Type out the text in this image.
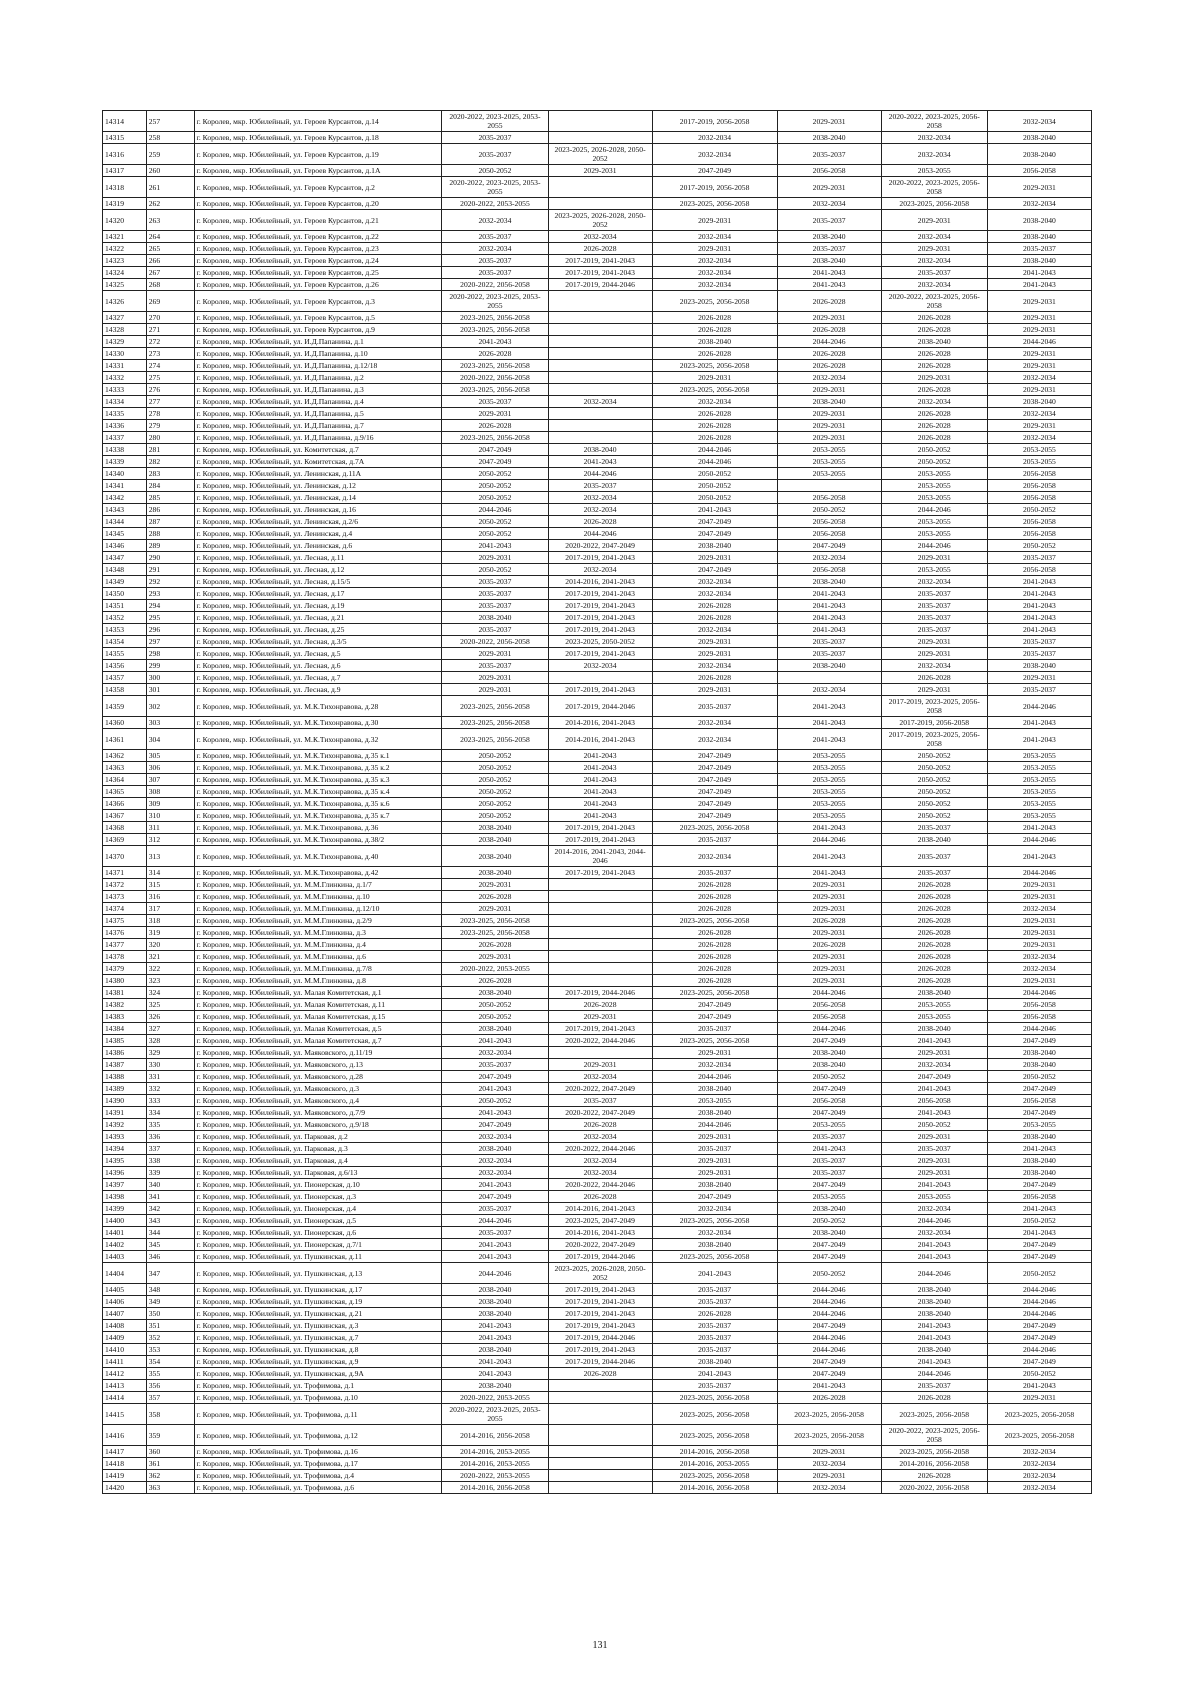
14314	257	г. Королев, мкр. Юбилейный, ул. Героев Курсантов, д.14	2020-2022, 2023-2025, 2053-2055		2017-2019, 2056-2058	2029-2031	2020-2022, 2023-2025, 2056-2058	2032-2034
14315	258	г. Королев, мкр. Юбилейный, ул. Героев Курсантов, д.18	2035-2037		2032-2034	2038-2040	2032-2034	2038-2040
14316	259	г. Королев, мкр. Юбилейный, ул. Героев Курсантов, д.19	2035-2037	2023-2025, 2026-2028, 2050-2052	2032-2034	2035-2037	2032-2034	2038-2040
14317	260	г. Королев, мкр. Юбилейный, ул. Героев Курсантов, д.1А	2050-2052	2029-2031	2047-2049	2056-2058	2053-2055	2056-2058
14318	261	г. Королев, мкр. Юбилейный, ул. Героев Курсантов, д.2	2020-2022, 2023-2025, 2053-2055		2017-2019, 2056-2058	2029-2031	2020-2022, 2023-2025, 2056-2058	2029-2031
14319	262	г. Королев, мкр. Юбилейный, ул. Героев Курсантов, д.20	2020-2022, 2053-2055		2023-2025, 2056-2058	2032-2034	2023-2025, 2056-2058	2032-2034
14320	263	г. Королев, мкр. Юбилейный, ул. Героев Курсантов, д.21	2032-2034	2023-2025, 2026-2028, 2050-2052	2029-2031	2035-2037	2029-2031	2038-2040
14321	264	г. Королев, мкр. Юбилейный, ул. Героев Курсантов, д.22	2035-2037	2032-2034	2032-2034	2038-2040	2032-2034	2038-2040
14322	265	г. Королев, мкр. Юбилейный, ул. Героев Курсантов, д.23	2032-2034	2026-2028	2029-2031	2035-2037	2029-2031	2035-2037
14323	266	г. Королев, мкр. Юбилейный, ул. Героев Курсантов, д.24	2035-2037	2017-2019, 2041-2043	2032-2034	2038-2040	2032-2034	2038-2040
14324	267	г. Королев, мкр. Юбилейный, ул. Героев Курсантов, д.25	2035-2037	2017-2019, 2041-2043	2032-2034	2041-2043	2035-2037	2041-2043
14325	268	г. Королев, мкр. Юбилейный, ул. Героев Курсантов, д.26	2020-2022, 2056-2058	2017-2019, 2044-2046	2032-2034	2041-2043	2032-2034	2041-2043
14326	269	г. Королев, мкр. Юбилейный, ул. Героев Курсантов, д.3	2020-2022, 2023-2025, 2053-2055		2023-2025, 2056-2058	2026-2028	2020-2022, 2023-2025, 2056-2058	2029-2031
14327	270	г. Королев, мкр. Юбилейный, ул. Героев Курсантов, д.5	2023-2025, 2056-2058		2026-2028	2029-2031	2026-2028	2029-2031
14328	271	г. Королев, мкр. Юбилейный, ул. Героев Курсантов, д.9	2023-2025, 2056-2058		2026-2028	2026-2028	2026-2028	2029-2031
14329	272	г. Королев, мкр. Юбилейный, ул. И.Д.Папанина, д.1	2041-2043		2038-2040	2044-2046	2038-2040	2044-2046
14330	273	г. Королев, мкр. Юбилейный, ул. И.Д.Папанина, д.10	2026-2028		2026-2028	2026-2028	2026-2028	2029-2031
14331	274	г. Королев, мкр. Юбилейный, ул. И.Д.Папанина, д.12/18	2023-2025, 2056-2058		2023-2025, 2056-2058	2026-2028	2026-2028	2029-2031
14332	275	г. Королев, мкр. Юбилейный, ул. И.Д.Папанина, д.2	2020-2022, 2056-2058		2029-2031	2032-2034	2029-2031	2032-2034
14333	276	г. Королев, мкр. Юбилейный, ул. И.Д.Папанина, д.3	2023-2025, 2056-2058		2023-2025, 2056-2058	2029-2031	2026-2028	2029-2031
14334	277	г. Королев, мкр. Юбилейный, ул. И.Д.Папанина, д.4	2035-2037	2032-2034	2032-2034	2038-2040	2032-2034	2038-2040
14335	278	г. Королев, мкр. Юбилейный, ул. И.Д.Папанина, д.5	2029-2031		2026-2028	2029-2031	2026-2028	2032-2034
14336	279	г. Королев, мкр. Юбилейный, ул. И.Д.Папанина, д.7	2026-2028		2026-2028	2029-2031	2026-2028	2029-2031
14337	280	г. Королев, мкр. Юбилейный, ул. И.Д.Папанина, д.9/16	2023-2025, 2056-2058		2026-2028	2029-2031	2026-2028	2032-2034
14338	281	г. Королев, мкр. Юбилейный, ул. Комитетская, д.7	2047-2049	2038-2040	2044-2046	2053-2055	2050-2052	2053-2055
14339	282	г. Королев, мкр. Юбилейный, ул. Комитетская, д.7А	2047-2049	2041-2043	2044-2046	2053-2055	2050-2052	2053-2055
14340	283	г. Королев, мкр. Юбилейный, ул. Ленинская, д.11А	2050-2052	2044-2046	2050-2052	2053-2055	2053-2055	2056-2058
14341	284	г. Королев, мкр. Юбилейный, ул. Ленинская, д.12	2050-2052	2035-2037	2050-2052		2053-2055	2056-2058
14342	285	г. Королев, мкр. Юбилейный, ул. Ленинская, д.14	2050-2052	2032-2034	2050-2052	2056-2058	2053-2055	2056-2058
14343	286	г. Королев, мкр. Юбилейный, ул. Ленинская, д.16	2044-2046	2032-2034	2041-2043	2050-2052	2044-2046	2050-2052
14344	287	г. Королев, мкр. Юбилейный, ул. Ленинская, д.2/6	2050-2052	2026-2028	2047-2049	2056-2058	2053-2055	2056-2058
14345	288	г. Королев, мкр. Юбилейный, ул. Ленинская, д.4	2050-2052	2044-2046	2047-2049	2056-2058	2053-2055	2056-2058
14346	289	г. Королев, мкр. Юбилейный, ул. Ленинская, д.6	2041-2043	2020-2022, 2047-2049	2038-2040	2047-2049	2044-2046	2050-2052
14347	290	г. Королев, мкр. Юбилейный, ул. Лесная, д.11	2029-2031	2017-2019, 2041-2043	2029-2031	2032-2034	2029-2031	2035-2037
14348	291	г. Королев, мкр. Юбилейный, ул. Лесная, д.12	2050-2052	2032-2034	2047-2049	2056-2058	2053-2055	2056-2058
14349	292	г. Королев, мкр. Юбилейный, ул. Лесная, д.15/5	2035-2037	2014-2016, 2041-2043	2032-2034	2038-2040	2032-2034	2041-2043
14350	293	г. Королев, мкр. Юбилейный, ул. Лесная, д.17	2035-2037	2017-2019, 2041-2043	2032-2034	2041-2043	2035-2037	2041-2043
14351	294	г. Королев, мкр. Юбилейный, ул. Лесная, д.19	2035-2037	2017-2019, 2041-2043	2026-2028	2041-2043	2035-2037	2041-2043
14352	295	г. Королев, мкр. Юбилейный, ул. Лесная, д.21	2038-2040	2017-2019, 2041-2043	2026-2028	2041-2043	2035-2037	2041-2043
14353	296	г. Королев, мкр. Юбилейный, ул. Лесная, д.25	2035-2037	2017-2019, 2041-2043	2032-2034	2041-2043	2035-2037	2041-2043
14354	297	г. Королев, мкр. Юбилейный, ул. Лесная, д.3/5	2020-2022, 2056-2058	2023-2025, 2050-2052	2029-2031	2035-2037	2029-2031	2035-2037
14355	298	г. Королев, мкр. Юбилейный, ул. Лесная, д.5	2029-2031	2017-2019, 2041-2043	2029-2031	2035-2037	2029-2031	2035-2037
14356	299	г. Королев, мкр. Юбилейный, ул. Лесная, д.6	2035-2037	2032-2034	2032-2034	2038-2040	2032-2034	2038-2040
14357	300	г. Королев, мкр. Юбилейный, ул. Лесная, д.7	2029-2031		2026-2028		2026-2028	2029-2031
14358	301	г. Королев, мкр. Юбилейный, ул. Лесная, д.9	2029-2031	2017-2019, 2041-2043	2029-2031	2032-2034	2029-2031	2035-2037
14359	302	г. Королев, мкр. Юбилейный, ул. М.К.Тихонравова, д.28	2023-2025, 2056-2058	2017-2019, 2044-2046	2035-2037	2041-2043	2017-2019, 2023-2025, 2056-2058	2044-2046
14360	303	г. Королев, мкр. Юбилейный, ул. М.К.Тихонравова, д.30	2023-2025, 2056-2058	2014-2016, 2041-2043	2032-2034	2041-2043	2017-2019, 2056-2058	2041-2043
14361	304	г. Королев, мкр. Юбилейный, ул. М.К.Тихонравова, д.32	2023-2025, 2056-2058	2014-2016, 2041-2043	2032-2034	2041-2043	2017-2019, 2023-2025, 2056-2058	2041-2043
14362	305	г. Королев, мкр. Юбилейный, ул. М.К.Тихонравова, д.35 к.1	2050-2052	2041-2043	2047-2049	2053-2055	2050-2052	2053-2055
14363	306	г. Королев, мкр. Юбилейный, ул. М.К.Тихонравова, д.35 к.2	2050-2052	2041-2043	2047-2049	2053-2055	2050-2052	2053-2055
14364	307	г. Королев, мкр. Юбилейный, ул. М.К.Тихонравова, д.35 к.3	2050-2052	2041-2043	2047-2049	2053-2055	2050-2052	2053-2055
14365	308	г. Королев, мкр. Юбилейный, ул. М.К.Тихонравова, д.35 к.4	2050-2052	2041-2043	2047-2049	2053-2055	2050-2052	2053-2055
14366	309	г. Королев, мкр. Юбилейный, ул. М.К.Тихонравова, д.35 к.6	2050-2052	2041-2043	2047-2049	2053-2055	2050-2052	2053-2055
14367	310	г. Королев, мкр. Юбилейный, ул. М.К.Тихонравова, д.35 к.7	2050-2052	2041-2043	2047-2049	2053-2055	2050-2052	2053-2055
14368	311	г. Королев, мкр. Юбилейный, ул. М.К.Тихонравова, д.36	2038-2040	2017-2019, 2041-2043	2023-2025, 2056-2058	2041-2043	2035-2037	2041-2043
14369	312	г. Королев, мкр. Юбилейный, ул. М.К.Тихонравова, д.38/2	2038-2040	2017-2019, 2041-2043	2035-2037	2044-2046	2038-2040	2044-2046
14370	313	г. Королев, мкр. Юбилейный, ул. М.К.Тихонравова, д.40	2038-2040	2014-2016, 2041-2043, 2044-2046	2032-2034	2041-2043	2035-2037	2041-2043
14371	314	г. Королев, мкр. Юбилейный, ул. М.К.Тихонравова, д.42	2038-2040	2017-2019, 2041-2043	2035-2037	2041-2043	2035-2037	2044-2046
14372	315	г. Королев, мкр. Юбилейный, ул. М.М.Глинкина, д.1/7	2029-2031		2026-2028	2029-2031	2026-2028	2029-2031
14373	316	г. Королев, мкр. Юбилейный, ул. М.М.Глинкина, д.10	2026-2028		2026-2028	2029-2031	2026-2028	2029-2031
14374	317	г. Королев, мкр. Юбилейный, ул. М.М.Глинкина, д.12/10	2029-2031		2026-2028	2029-2031	2026-2028	2032-2034
14375	318	г. Королев, мкр. Юбилейный, ул. М.М.Глинкина, д.2/9	2023-2025, 2056-2058		2023-2025, 2056-2058	2026-2028	2026-2028	2029-2031
14376	319	г. Королев, мкр. Юбилейный, ул. М.М.Глинкина, д.3	2023-2025, 2056-2058		2026-2028	2029-2031	2026-2028	2029-2031
14377	320	г. Королев, мкр. Юбилейный, ул. М.М.Глинкина, д.4	2026-2028		2026-2028	2026-2028	2026-2028	2029-2031
14378	321	г. Королев, мкр. Юбилейный, ул. М.М.Глинкина, д.6	2029-2031		2026-2028	2029-2031	2026-2028	2032-2034
14379	322	г. Королев, мкр. Юбилейный, ул. М.М.Глинкина, д.7/8	2020-2022, 2053-2055		2026-2028	2029-2031	2026-2028	2032-2034
14380	323	г. Королев, мкр. Юбилейный, ул. М.М.Глинкина, д.8	2026-2028		2026-2028	2029-2031	2026-2028	2029-2031
14381	324	г. Королев, мкр. Юбилейный, ул. Малая Комитетская, д.1	2038-2040	2017-2019, 2044-2046	2023-2025, 2056-2058	2044-2046	2038-2040	2044-2046
14382	325	г. Королев, мкр. Юбилейный, ул. Малая Комитетская, д.11	2050-2052	2026-2028	2047-2049	2056-2058	2053-2055	2056-2058
14383	326	г. Королев, мкр. Юбилейный, ул. Малая Комитетская, д.15	2050-2052	2029-2031	2047-2049	2056-2058	2053-2055	2056-2058
14384	327	г. Королев, мкр. Юбилейный, ул. Малая Комитетская, д.5	2038-2040	2017-2019, 2041-2043	2035-2037	2044-2046	2038-2040	2044-2046
14385	328	г. Королев, мкр. Юбилейный, ул. Малая Комитетская, д.7	2041-2043	2020-2022, 2044-2046	2023-2025, 2056-2058	2047-2049	2041-2043	2047-2049
14386	329	г. Королев, мкр. Юбилейный, ул. Маяковского, д.11/19	2032-2034		2029-2031	2038-2040	2029-2031	2038-2040
14387	330	г. Королев, мкр. Юбилейный, ул. Маяковского, д.13	2035-2037	2029-2031	2032-2034	2038-2040	2032-2034	2038-2040
14388	331	г. Королев, мкр. Юбилейный, ул. Маяковского, д.28	2047-2049	2032-2034	2044-2046	2050-2052	2047-2049	2050-2052
14389	332	г. Королев, мкр. Юбилейный, ул. Маяковского, д.3	2041-2043	2020-2022, 2047-2049	2038-2040	2047-2049	2041-2043	2047-2049
14390	333	г. Королев, мкр. Юбилейный, ул. Маяковского, д.4	2050-2052	2035-2037	2053-2055	2056-2058	2056-2058	2056-2058
14391	334	г. Королев, мкр. Юбилейный, ул. Маяковского, д.7/9	2041-2043	2020-2022, 2047-2049	2038-2040	2047-2049	2041-2043	2047-2049
14392	335	г. Королев, мкр. Юбилейный, ул. Маяковского, д.9/18	2047-2049	2026-2028	2044-2046	2053-2055	2050-2052	2053-2055
14393	336	г. Королев, мкр. Юбилейный, ул. Парковая, д.2	2032-2034	2032-2034	2029-2031	2035-2037	2029-2031	2038-2040
14394	337	г. Королев, мкр. Юбилейный, ул. Парковая, д.3	2038-2040	2020-2022, 2044-2046	2035-2037	2041-2043	2035-2037	2041-2043
14395	338	г. Королев, мкр. Юбилейный, ул. Парковая, д.4	2032-2034	2032-2034	2029-2031	2035-2037	2029-2031	2038-2040
14396	339	г. Королев, мкр. Юбилейный, ул. Парковая, д.6/13	2032-2034	2032-2034	2029-2031	2035-2037	2029-2031	2038-2040
14397	340	г. Королев, мкр. Юбилейный, ул. Пионерская, д.10	2041-2043	2020-2022, 2044-2046	2038-2040	2047-2049	2041-2043	2047-2049
14398	341	г. Королев, мкр. Юбилейный, ул. Пионерская, д.3	2047-2049	2026-2028	2047-2049	2053-2055	2053-2055	2056-2058
14399	342	г. Королев, мкр. Юбилейный, ул. Пионерская, д.4	2035-2037	2014-2016, 2041-2043	2032-2034	2038-2040	2032-2034	2041-2043
14400	343	г. Королев, мкр. Юбилейный, ул. Пионерская, д.5	2044-2046	2023-2025, 2047-2049	2023-2025, 2056-2058	2050-2052	2044-2046	2050-2052
14401	344	г. Королев, мкр. Юбилейный, ул. Пионерская, д.6	2035-2037	2014-2016, 2041-2043	2032-2034	2038-2040	2032-2034	2041-2043
14402	345	г. Королев, мкр. Юбилейный, ул. Пионерская, д.7/1	2041-2043	2020-2022, 2047-2049	2038-2040	2047-2049	2041-2043	2047-2049
14403	346	г. Королев, мкр. Юбилейный, ул. Пушкинская, д.11	2041-2043	2017-2019, 2044-2046	2023-2025, 2056-2058	2047-2049	2041-2043	2047-2049
14404	347	г. Королев, мкр. Юбилейный, ул. Пушкинская, д.13	2044-2046	2023-2025, 2026-2028, 2050-2052	2041-2043	2050-2052	2044-2046	2050-2052
14405	348	г. Королев, мкр. Юбилейный, ул. Пушкинская, д.17	2038-2040	2017-2019, 2041-2043	2035-2037	2044-2046	2038-2040	2044-2046
14406	349	г. Королев, мкр. Юбилейный, ул. Пушкинская, д.19	2038-2040	2017-2019, 2041-2043	2035-2037	2044-2046	2038-2040	2044-2046
14407	350	г. Королев, мкр. Юбилейный, ул. Пушкинская, д.21	2038-2040	2017-2019, 2041-2043	2026-2028	2044-2046	2038-2040	2044-2046
14408	351	г. Королев, мкр. Юбилейный, ул. Пушкинская, д.3	2041-2043	2017-2019, 2041-2043	2035-2037	2047-2049	2041-2043	2047-2049
14409	352	г. Королев, мкр. Юбилейный, ул. Пушкинская, д.7	2041-2043	2017-2019, 2044-2046	2035-2037	2044-2046	2041-2043	2047-2049
14410	353	г. Королев, мкр. Юбилейный, ул. Пушкинская, д.8	2038-2040	2017-2019, 2041-2043	2035-2037	2044-2046	2038-2040	2044-2046
14411	354	г. Королев, мкр. Юбилейный, ул. Пушкинская, д.9	2041-2043	2017-2019, 2044-2046	2038-2040	2047-2049	2041-2043	2047-2049
14412	355	г. Королев, мкр. Юбилейный, ул. Пушкинская, д.9А	2041-2043	2026-2028	2041-2043	2047-2049	2044-2046	2050-2052
14413	356	г. Королев, мкр. Юбилейный, ул. Трофимова, д.1	2038-2040		2035-2037	2041-2043	2035-2037	2041-2043
14414	357	г. Королев, мкр. Юбилейный, ул. Трофимова, д.10	2020-2022, 2053-2055		2023-2025, 2056-2058	2026-2028	2026-2028	2029-2031
14415	358	г. Королев, мкр. Юбилейный, ул. Трофимова, д.11	2020-2022, 2023-2025, 2053-2055		2023-2025, 2056-2058	2023-2025, 2056-2058	2023-2025, 2056-2058	2023-2025, 2056-2058
14416	359	г. Королев, мкр. Юбилейный, ул. Трофимова, д.12	2014-2016, 2056-2058		2023-2025, 2056-2058	2023-2025, 2056-2058	2020-2022, 2023-2025, 2056-2058	2023-2025, 2056-2058
14417	360	г. Королев, мкр. Юбилейный, ул. Трофимова, д.16	2014-2016, 2053-2055		2014-2016, 2056-2058	2029-2031	2023-2025, 2056-2058	2032-2034
14418	361	г. Королев, мкр. Юбилейный, ул. Трофимова, д.17	2014-2016, 2053-2055		2014-2016, 2053-2055	2032-2034	2014-2016, 2056-2058	2032-2034
14419	362	г. Королев, мкр. Юбилейный, ул. Трофимова, д.4	2020-2022, 2053-2055		2023-2025, 2056-2058	2029-2031	2026-2028	2032-2034
14420	363	г. Королев, мкр. Юбилейный, ул. Трофимова, д.6	2014-2016, 2056-2058		2014-2016, 2056-2058	2032-2034	2020-2022, 2056-2058	2032-2034
131
